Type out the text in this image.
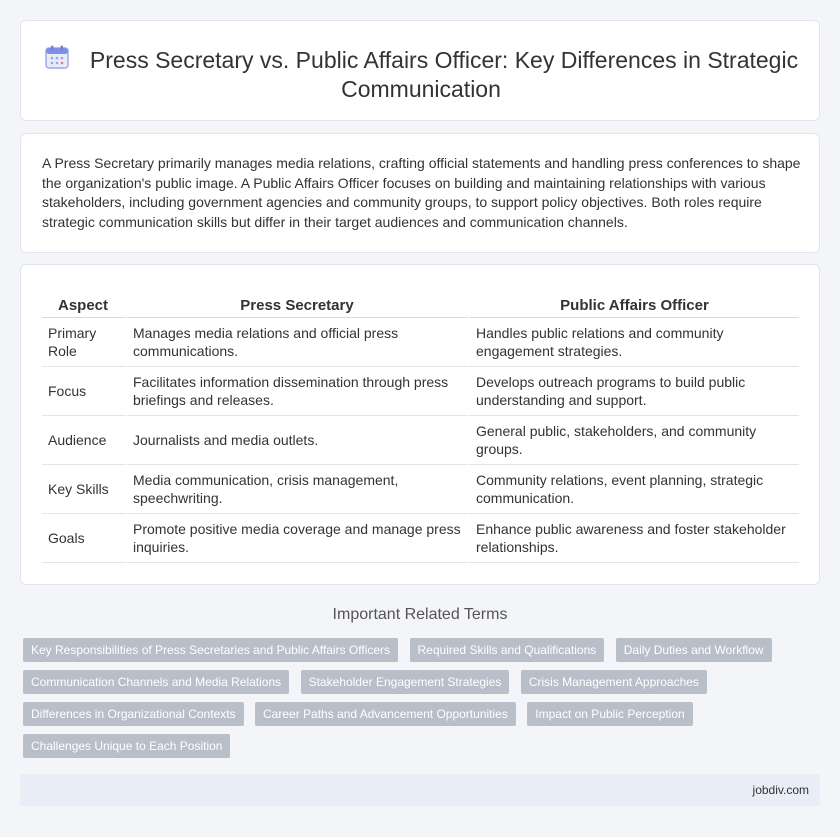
Press Secretary vs. Public Affairs Officer: Key Differences in Strategic Communication

A Press Secretary primarily manages media relations, crafting official statements and handling press conferences to shape the organization's public image. A Public Affairs Officer focuses on building and maintaining relationships with various stakeholders, including government agencies and community groups, to support policy objectives. Both roles require strategic communication skills but differ in their target audiences and communication channels.

Aspect	Press Secretary	Public Affairs Officer
Primary Role	Manages media relations and official press communications.	Handles public relations and community engagement strategies.
Focus	Facilitates information dissemination through press briefings and releases.	Develops outreach programs to build public understanding and support.
Audience	Journalists and media outlets.	General public, stakeholders, and community groups.
Key Skills	Media communication, crisis management, speechwriting.	Community relations, event planning, strategic communication.
Goals	Promote positive media coverage and manage press inquiries.	Enhance public awareness and foster stakeholder relationships.
Important Related Terms
Key Responsibilities of Press Secretaries and Public Affairs Officers Required Skills and Qualifications Daily Duties and Workflow
Communication Channels and Media Relations Stakeholder Engagement Strategies Crisis Management Approaches
Differences in Organizational Contexts Career Paths and Advancement Opportunities Impact on Public Perception
Challenges Unique to Each Position
jobdiv.com
